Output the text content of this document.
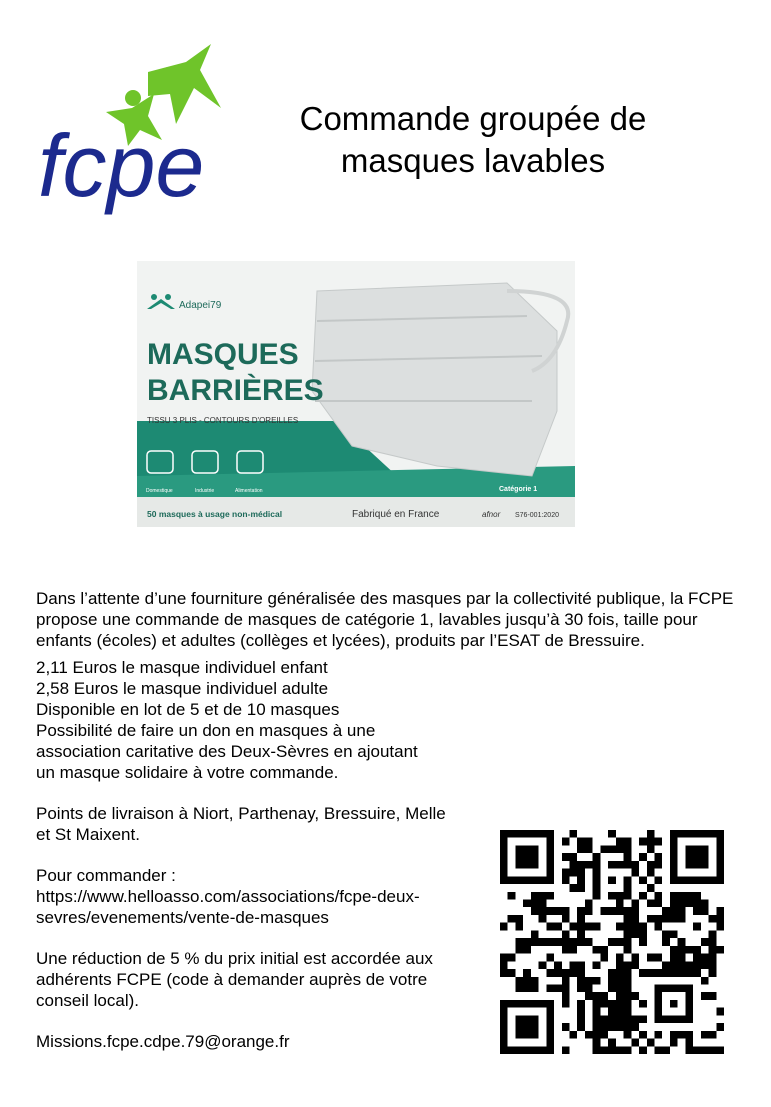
fcpe	Commande groupée de
masques lavables
Adapei79
MASQUES
BARRIÈRES
TISSU 3 PLIS - CONTOURS D'OREILLES
Domestique	Industrie	Alimentation	Catégorie 1
50 masques à usage non-médical	Fabriqué en France	afnor S76-001:2020

Dans l’attente d’une fourniture généralisée des masques par la collectivité publique, la FCPE propose une commande de masques de catégorie 1, lavables jusqu’à 30 fois, taille pour enfants (écoles) et adultes (collèges et lycées), produits par l’ESAT de Bressuire.

2,11 Euros le masque individuel enfant
2,58 Euros le masque individuel adulte
Disponible en lot de 5 et de 10 masques
Possibilité de faire un don en masques à une
association caritative des Deux-Sèvres en ajoutant
un masque solidaire à votre commande.

Points de livraison à Niort, Parthenay, Bressuire, Melle et St Maixent.

Pour commander :
https://www.helloasso.com/associations/fcpe-deux-
sevres/evenements/vente-de-masques

Une réduction de 5 % du prix initial est accordée aux adhérents FCPE (code à demander auprès de votre conseil local).

Missions.fcpe.cdpe.79@orange.fr
